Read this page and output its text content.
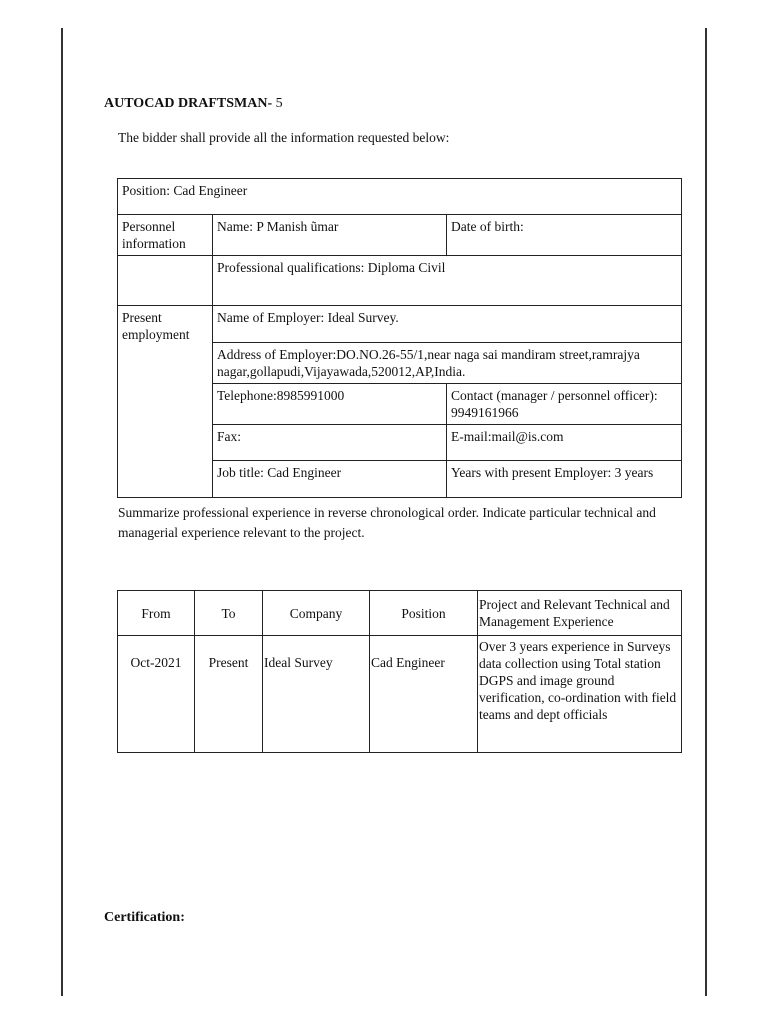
AUTOCAD DRAFTSMAN- 5
The bidder shall provide all the information requested below:
Position: Cad Engineer		
Personnel information	Name: P Manish ũmar	Date of birth:
	Professional qualifications: Diploma Civil	
Present employment	Name of Employer: Ideal Survey.	
	Address of Employer:DO.NO.26-55/1,near naga sai mandiram street,ramrajya nagar,gollapudi,Vijayawada,520012,AP,India.	
	Telephone:8985991000	Contact (manager / personnel officer): 9949161966
	Fax:	E-mail:mail@is.com
	Job title: Cad Engineer	Years with present Employer: 3 years
Summarize professional experience in reverse chronological order. Indicate particular technical and managerial experience relevant to the project.
From	To	Company	Position	Project and Relevant Technical and Management Experience
Oct-2021	Present	Ideal Survey	Cad Engineer	Over 3 years experience in Surveys data collection using Total station DGPS and image ground verification, co-ordination with field teams and dept officials
Certification:
